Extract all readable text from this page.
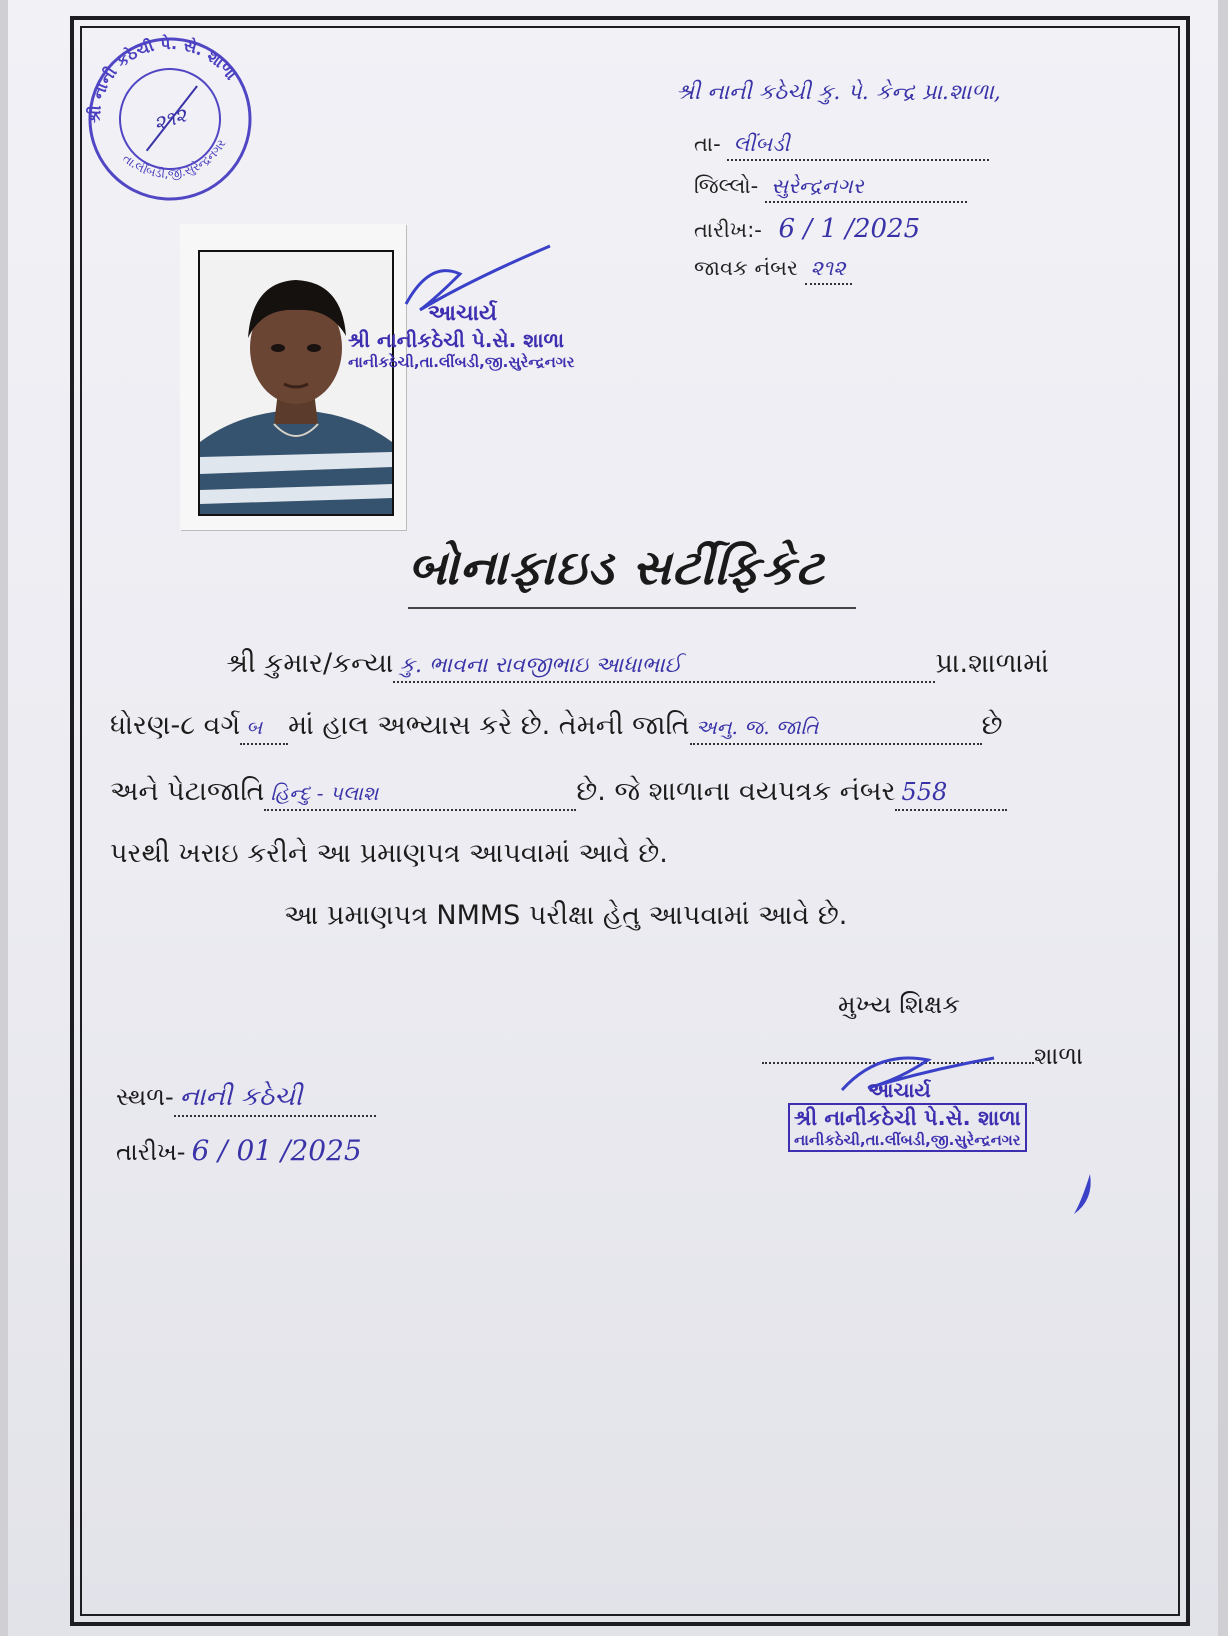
શ્રી નાની કઠેચી પે. સે. શાળા
તા.લીંબડી,જી.સુરેન્દ્રનગર
૨૧૨
શ્રી નાની કઠેચી કુ. પે. કેન્દ્ર પ્રા.શાળા,
તા- લીંબડી
જિલ્લો- સુરેન્દ્રનગર
તારીખ:- 6 / 1 /2025
જાવક નંબર ૨૧૨
આચાર્ય
શ્રી નાનીકઠેચી પે.સે. શાળા
નાનીકઠેચી,તા.લીંબડી,જી.સુરેન્દ્રનગર
બોનાફાઇડ સર્ટીફિકેટ
શ્રી કુમાર/કન્યા કુ. ભાવના રાવજીભાઇ આધાભાઈ	પ્રા.શાળામાં
ધોરણ-૮ વર્ગ બ માં હાલ અભ્યાસ કરે છે. તેમની જાતિ અનુ. જ. જાતિ	છે
અને પેટાજાતિ હિન્દુ - પલાશ	છે. જે શાળાના વયપત્રક નંબર 558
પરથી ખરાઇ કરીને આ પ્રમાણપત્ર આપવામાં આવે છે.
આ પ્રમાણપત્ર NMMS પરીક્ષા હેતુ આપવામાં આવે છે.
મુખ્ય શિક્ષક
શાળા
આચાર્ય
શ્રી નાનીકઠેચી પે.સે. શાળા
નાનીકઠેચી,તા.લીંબડી,જી.સુરેન્દ્રનગર
સ્થળ- નાની કઠેચી
તારીખ- 6 / 01 /2025
